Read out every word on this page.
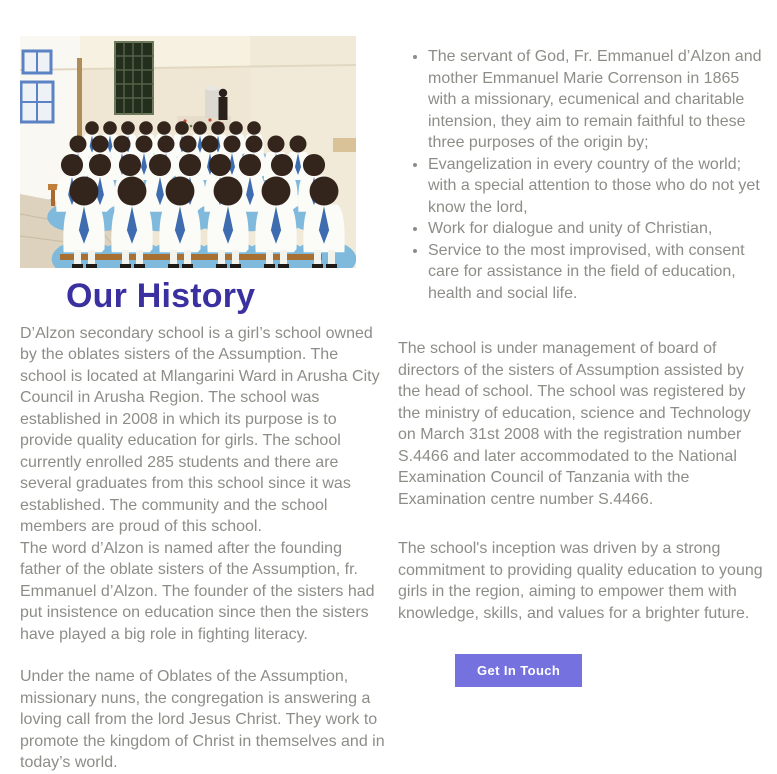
Our History

D’Alzon secondary school is a girl’s school owned by the oblates sisters of the Assumption. The school is located at Mlangarini Ward in Arusha City Council in Arusha Region. The school was established in 2008 in which its purpose is to provide quality education for girls. The school currently enrolled 285 students and there are several graduates from this school since it was established. The community and the school members are proud of this school.

The word d’Alzon is named after the founding father of the oblate sisters of the Assumption, fr. Emmanuel d’Alzon. The founder of the sisters had put insistence on education since then the sisters have played a big role in fighting literacy.

Under the name of Oblates of the Assumption, missionary nuns, the congregation is answering a loving call from the lord Jesus Christ. They work to promote the kingdom of Christ in themselves and in today’s world.

• The servant of God, Fr. Emmanuel d’Alzon and mother Emmanuel Marie Correnson in 1865 with a missionary, ecumenical and charitable intension, they aim to remain faithful to these three purposes of the origin by;
• Evangelization in every country of the world; with a special attention to those who do not yet know the lord,
• Work for dialogue and unity of Christian,
• Service to the most improvised, with consent care for assistance in the field of education, health and social life.

The school is under management of board of directors of the sisters of Assumption assisted by the head of school. The school was registered by the ministry of education, science and Technology on March 31st 2008 with the registration number S.4466 and later accommodated to the National Examination Council of Tanzania with the Examination centre number S.4466.

The school's inception was driven by a strong commitment to providing quality education to young girls in the region, aiming to empower them with knowledge, skills, and values for a brighter future.

Get In Touch
